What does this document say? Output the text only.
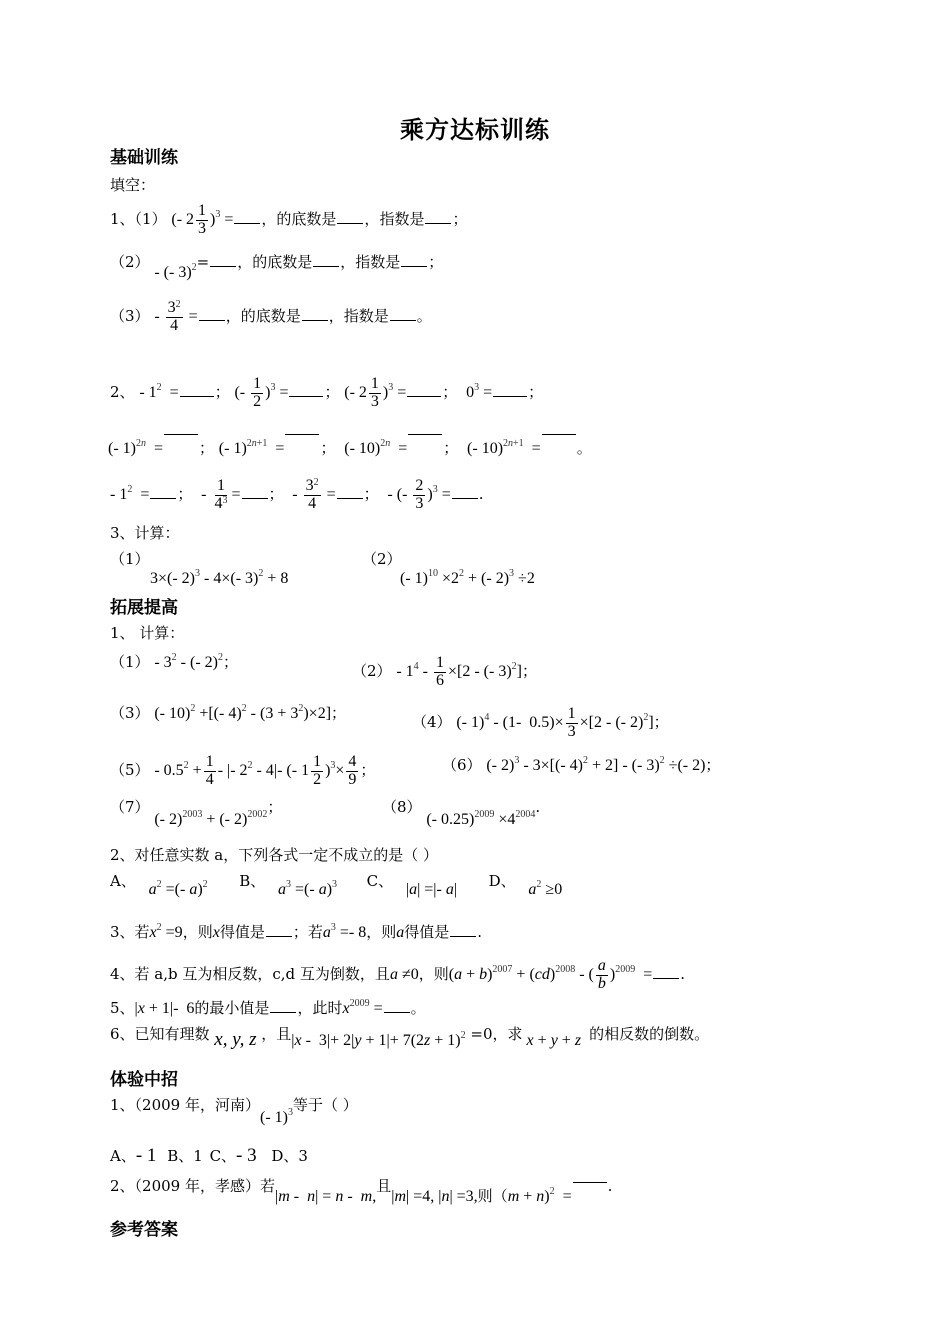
乘方达标训练
基础训练
填空：
1、（1） (- $2 \frac{1}{3} )^3$ = ，的底数是 ，指数是 ；
（2） - (- 3)$^2$= ，的底数是 ，指数是 ；
$(3) - \frac{3^2}{4}$ = ，的底数是 ，指数是 。
2、 - $1^2$  = ； (- $\frac{1}{2} )^3$ = ； (- $2 \frac{1}{3} )^3$ = ；  $0^3$ = ；
(- 1)$^{2n}$  = ； (- 1)$^{2n+1}$  = ；  (- 10)$^{2n}$  = ；  (- 10)$^{2n+1}$  = 。
- $1^2$  = ；  - $\frac{1}{4^3}$ = ；  - $\frac{3^2}{4}$ = ；  - (- $\frac{2}{3} )^3$ = .
3、计算：
（1）
3×(- 2)$^3$ - 4×(- 3)$^2$ + 8
（2）
(- $1)^{10} \times 2^2$ + (- 2)$^3$ ÷2
拓展提高
1、 计算：
$(1) - 3^2$ - (- 2)$^2$；	$(2) - 1^4 - \frac{1}{6} \times[2$ - (- 3)$^2$]；
（3） (- 10)$^2$ +[(- $4)^2 - (3 + 3^2)\times 2$]；	（4） (- 1)$^4$ - (1-  $0.5)\times \frac{1}{3} \times[2$ - (- 2)$^2$]；
$(5) - 0.5^2 + \frac{1}{4}$ - |- $2^2 - 4|-$ (- $1 \frac{1}{2} )^3\times \frac{4}{9}$ ；	（6） (- 2)$^3$ - 3×[(- 4)$^2$ + 2] - (- 3)$^2$ ÷(- 2)；
（7） (- 2)$^{2003}$ + (- 2)$^{2002}$；	（8） (- $0.25)^{2009} \times 4^{2004}$.
2、对任意实数 a，下列各式一定不成立的是（ ）
A、 $a^2$ =(- a)$^2$ B、 $a^3$ =(- a)$^3$ C、 |a| =|- a| D、 $a^2 \ge 0$
3、若$x^2 =9$，则x得值是 ；若$a^3 =- 8$，则a得值是 .
4、若 a,b 互为相反数，c,d 互为倒数，且a ≠0，则$(a + b)^{2007} + (cd)^{2008}$ - ( $\frac{a}{b} )^{2009}$  = .
5、|x + 1|-  6的最小值是 ，此时$x^{2009}$ = 。
6、已知有理数 x, y, z ，且$|x - 3|+ 2|y + 1|+ 7(2z + 1)^2 =0$，求 x + y + z 的相反数的倒数。
体验中招
1、（2009 年，河南）(- 1)$^3$等于（ ）
A、- 1 B、1 C、- 3 D、3
2、（2009 年，孝感）若|m -  n| = n -  m,且|m| =4, |n| =3,则（m + n)$^2$  =.
参考答案
